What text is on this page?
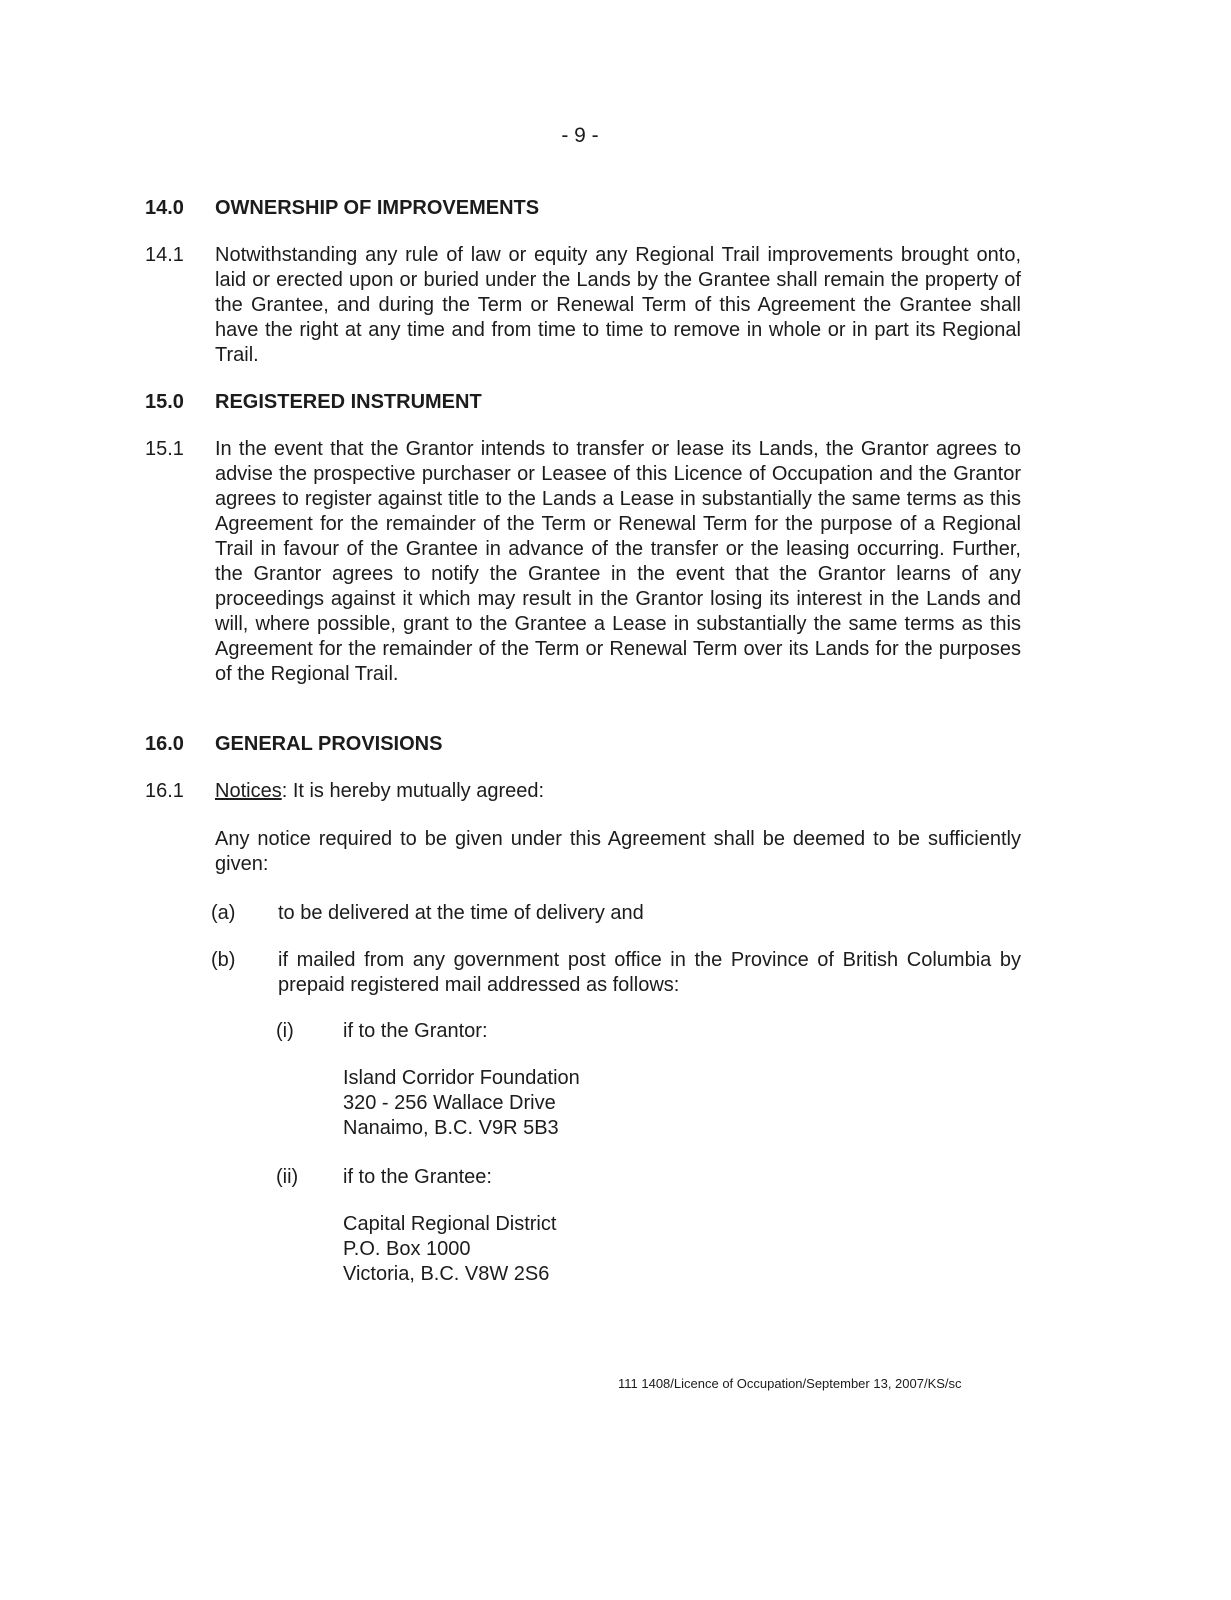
- 9 -
14.0 OWNERSHIP OF IMPROVEMENTS
14.1 Notwithstanding any rule of law or equity any Regional Trail improvements brought onto, laid or erected upon or buried under the Lands by the Grantee shall remain the property of the Grantee, and during the Term or Renewal Term of this Agreement the Grantee shall have the right at any time and from time to time to remove in whole or in part its Regional Trail.
15.0 REGISTERED INSTRUMENT
15.1 In the event that the Grantor intends to transfer or lease its Lands, the Grantor agrees to advise the prospective purchaser or Leasee of this Licence of Occupation and the Grantor agrees to register against title to the Lands a Lease in substantially the same terms as this Agreement for the remainder of the Term or Renewal Term for the purpose of a Regional Trail in favour of the Grantee in advance of the transfer or the leasing occurring. Further, the Grantor agrees to notify the Grantee in the event that the Grantor learns of any proceedings against it which may result in the Grantor losing its interest in the Lands and will, where possible, grant to the Grantee a Lease in substantially the same terms as this Agreement for the remainder of the Term or Renewal Term over its Lands for the purposes of the Regional Trail.
16.0 GENERAL PROVISIONS
16.1 Notices: It is hereby mutually agreed:
Any notice required to be given under this Agreement shall be deemed to be sufficiently given:
(a) to be delivered at the time of delivery and
(b) if mailed from any government post office in the Province of British Columbia by prepaid registered mail addressed as follows:
(i) if to the Grantor:
Island Corridor Foundation
320 - 256 Wallace Drive
Nanaimo, B.C. V9R 5B3
(ii) if to the Grantee:
Capital Regional District
P.O. Box 1000
Victoria, B.C. V8W 2S6
111 1408/Licence of Occupation/September 13, 2007/KS/sc
